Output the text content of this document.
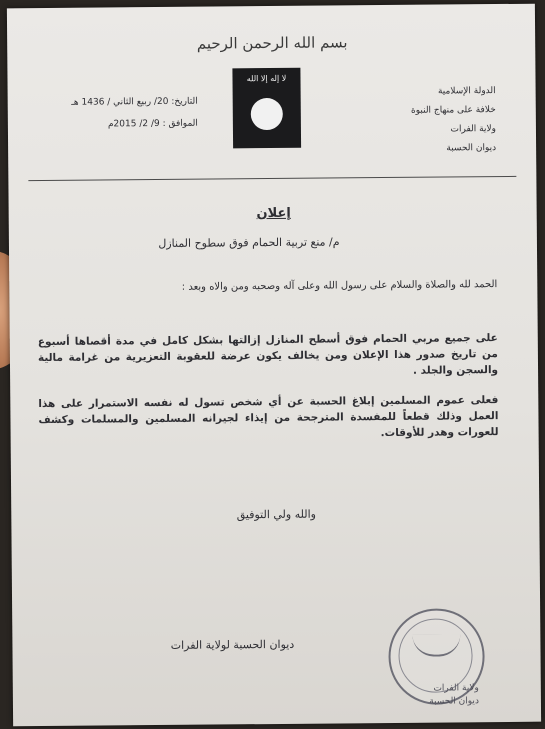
بسم الله الرحمن الرحيم
لا إله إلا الله
الدولة الإسلامية
خلافة على منهاج النبوة
ولاية الفرات
ديوان الحسبة
التاريخ: 20/ ربيع الثاني / 1436 هـ
الموافق : 9/ 2/ 2015م
إعلان
م/ منع تربية الحمام فوق سطوح المنازل
الحمد لله والصلاة والسلام على رسول الله وعلى آله وصحبه ومن والاه وبعد :
على جميع مربي الحمام فوق أسطح المنازل إزالتها بشكل كامل في مدة أقصاها أسبوع من تاريخ صدور هذا الإعلان ومن يخالف يكون عرضة للعقوبة التعزيرية من غرامة مالية والسجن والجلد .
فعلى عموم المسلمين إبلاغ الحسبة عن أي شخص تسول له نفسه الاستمرار على هذا العمل وذلك قطعاً للمفسدة المترجحة من إيذاء لجيرانه المسلمين والمسلمات وكشف للعورات وهدر للأوقات.
والله ولي التوفيق
ديوان الحسبة لولاية الفرات
ولاية الفرات
ديوان الحسبة
